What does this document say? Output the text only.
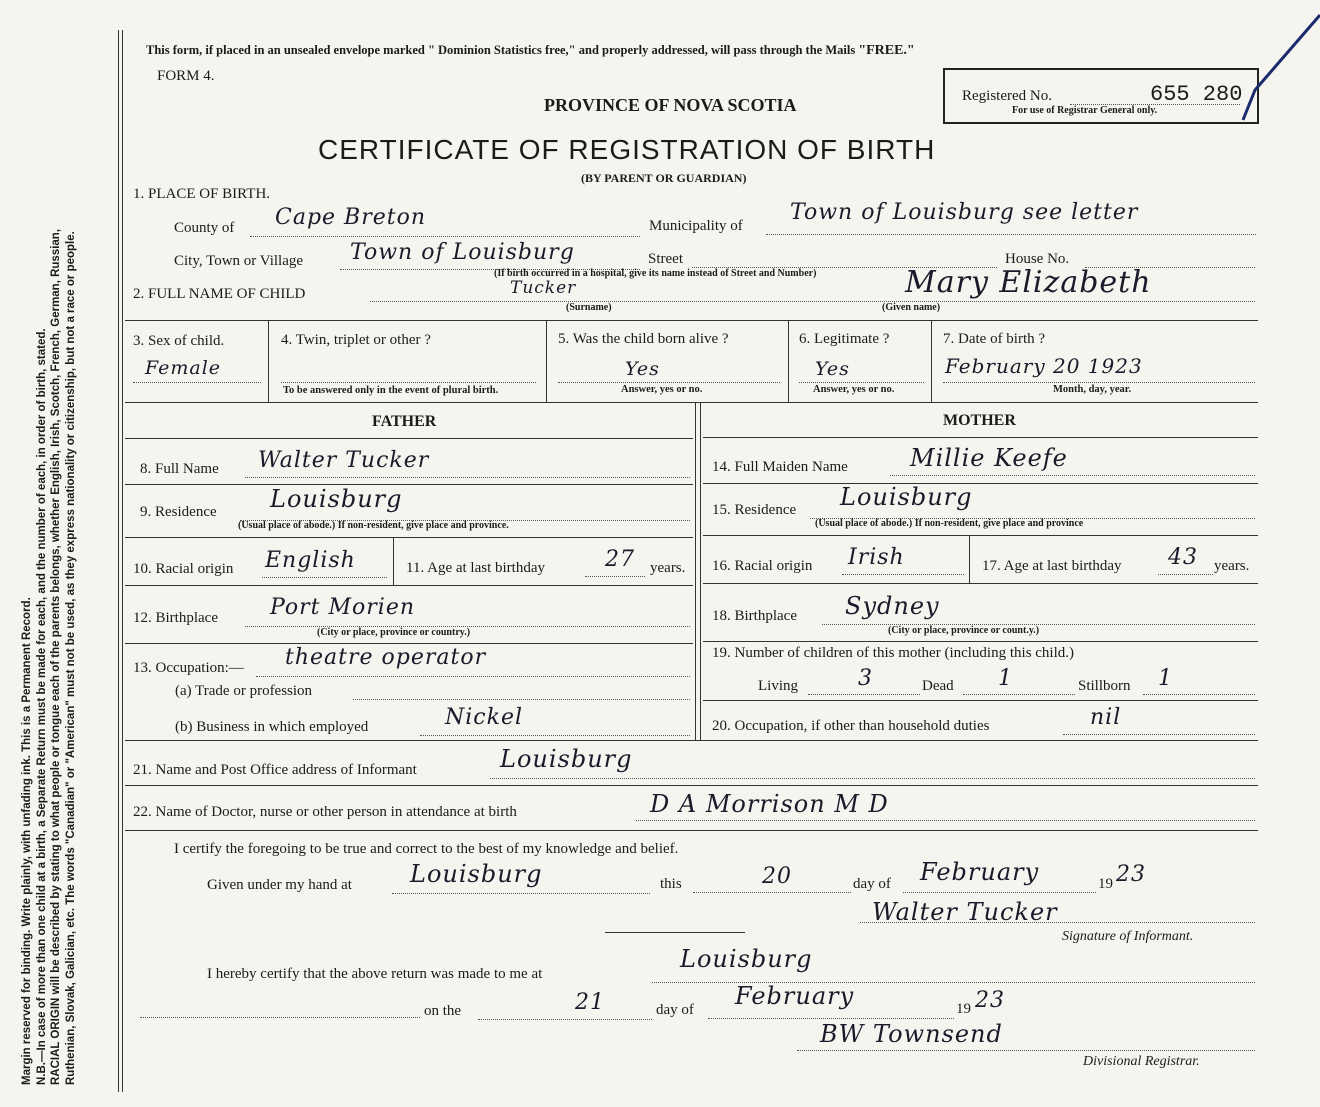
Margin reserved for binding. Write plainly, with unfading ink. This is a Permanent Record. N.B.—In case of more than one child at a birth, a Separate Return must be made for each, and the number of each, in order of birth, stated. RACIAL ORIGIN will be described by stating to what people or tongue each of the parents belongs, whether English, Irish, Scotch, French, German, Russian, Ruthenian, Slovak, Galician, etc. The words "Canadian" or "American" must not be used, as they express nationality or citizenship, but not a race or people.
This form, if placed in an unsealed envelope marked " Dominion Statistics free," and properly addressed, will pass through the Mails "FREE."
FORM 4.
PROVINCE OF NOVA SCOTIA
CERTIFICATE OF REGISTRATION OF BIRTH
(BY PARENT OR GUARDIAN)
Registered No.	655 280
For use of Registrar General only.
1. PLACE OF BIRTH.
County of Cape Breton	Municipality of
Town of Louisburg see letter
City, Town or Village Town of Louisburg	Street	House No.
(If birth occurred in a hospital, give its name instead of Street and Number)
2. FULL NAME OF CHILD	Tucker
(Surname)
Mary Elizabeth
(Given name)
3. Sex of child.
Female
4. Twin, triplet or other ?
To be answered only in the event of plural birth.
5. Was the child born alive ?
Yes
Answer, yes or no.
6. Legitimate ?
Yes
Answer, yes or no.
7. Date of birth ?
February 20 1923
Month, day, year.
FATHER	MOTHER
8. Full Name Walter Tucker
9. Residence Louisburg
(Usual place of abode.) If non-resident, give place and province.
10. Racial origin English	11. Age at last birthday	27 years.
12. Birthplace Port Morien
(City or place, province or country.)
13. Occupation:— theatre operator
(a) Trade or profession
(b) Business in which employed	Nickel
14. Full Maiden Name	Millie Keefe
15. Residence Louisburg
(Usual place of abode.) If non-resident, give place and province
16. Racial origin Irish	17. Age at last birthday 43 years.
18. Birthplace Sydney
(City or place, province or count.y.)
19. Number of children of this mother (including this child.)
Living	3	Dead 1	Stillborn 1
20. Occupation, if other than household duties	nil
21. Name and Post Office address of Informant	Louisburg
22. Name of Doctor, nurse or other person in attendance at birth	D A Morrison M D
I certify the foregoing to be true and correct to the best of my knowledge and belief.
Given under my hand at Louisburg	this	20	day of February	19 23
Walter Tucker
Signature of Informant.
I hereby certify that the above return was made to me at
Louisburg
on the	21	day of February	19 23
BW Townsend
Divisional Registrar.
